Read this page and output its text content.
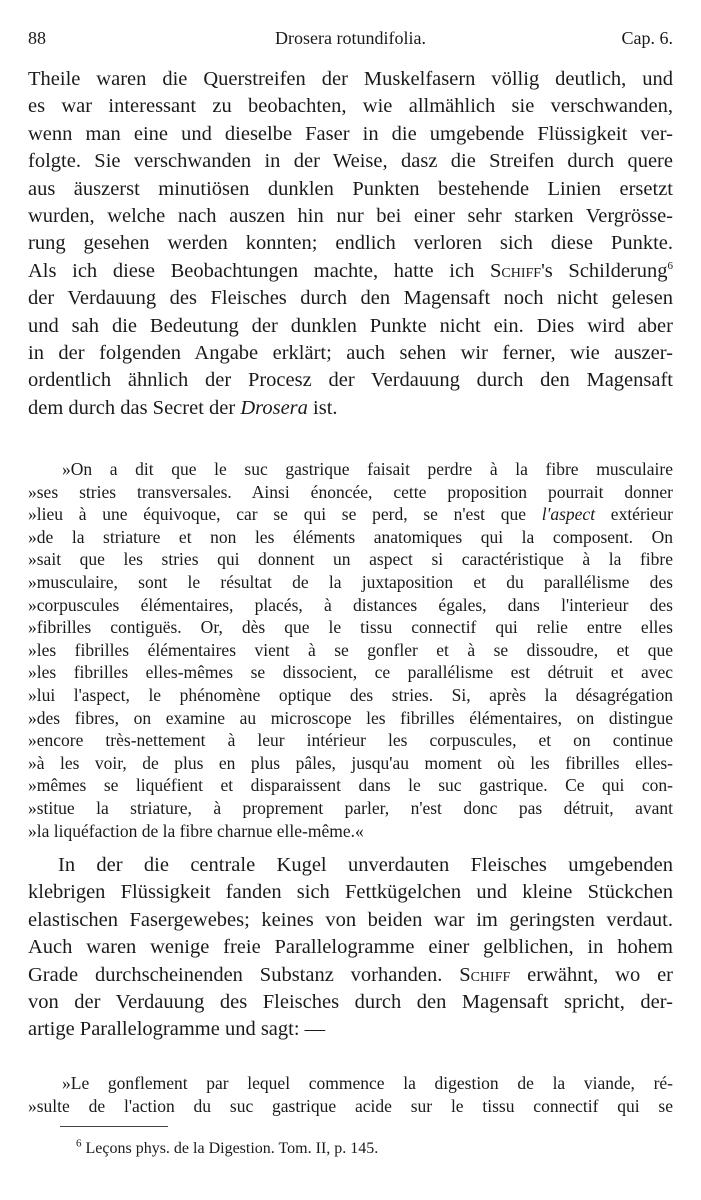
88	Drosera rotundifolia.	Cap. 6.
Theile waren die Querstreifen der Muskelfasern völlig deutlich, und
es war interessant zu beobachten, wie allmählich sie verschwanden,
wenn man eine und dieselbe Faser in die umgebende Flüssigkeit ver-
folgte. Sie verschwanden in der Weise, dasz die Streifen durch quere
aus äuszerst minutiösen dunklen Punkten bestehende Linien ersetzt
wurden, welche nach auszen hin nur bei einer sehr starken Vergrösse-
rung gesehen werden konnten; endlich verloren sich diese Punkte.
Als ich diese Beobachtungen machte, hatte ich Schiff's Schilderung$^6$
der Verdauung des Fleisches durch den Magensaft noch nicht gelesen
und sah die Bedeutung der dunklen Punkte nicht ein. Dies wird aber
in der folgenden Angabe erklärt; auch sehen wir ferner, wie auszer-
ordentlich ähnlich der Procesz der Verdauung durch den Magensaft
dem durch das Secret der Drosera ist.
»On a dit que le suc gastrique faisait perdre à la fibre musculaire
»ses stries transversales. Ainsi énoncée, cette proposition pourrait donner
»lieu à une équivoque, car se qui se perd, se n'est que l'aspect extérieur
»de la striature et non les éléments anatomiques qui la composent. On
»sait que les stries qui donnent un aspect si caractéristique à la fibre
»musculaire, sont le résultat de la juxtaposition et du parallélisme des
»corpuscules élémentaires, placés, à distances égales, dans l'interieur des
»fibrilles contiguës. Or, dès que le tissu connectif qui relie entre elles
»les fibrilles élémentaires vient à se gonfler et à se dissoudre, et que
»les fibrilles elles-mêmes se dissocient, ce parallélisme est détruit et avec
»lui l'aspect, le phénomène optique des stries. Si, après la désagrégation
»des fibres, on examine au microscope les fibrilles élémentaires, on distingue
»encore très-nettement à leur intérieur les corpuscules, et on continue
»à les voir, de plus en plus pâles, jusqu'au moment où les fibrilles elles-
»mêmes se liquéfient et disparaissent dans le suc gastrique. Ce qui con-
»stitue la striature, à proprement parler, n'est donc pas détruit, avant
»la liquéfaction de la fibre charnue elle-même.«
In der die centrale Kugel unverdauten Fleisches umgebenden
klebrigen Flüssigkeit fanden sich Fettkügelchen und kleine Stückchen
elastischen Fasergewebes; keines von beiden war im geringsten verdaut.
Auch waren wenige freie Parallelogramme einer gelblichen, in hohem
Grade durchscheinenden Substanz vorhanden. Schiff erwähnt, wo er
von der Verdauung des Fleisches durch den Magensaft spricht, der-
artige Parallelogramme und sagt: —
»Le gonflement par lequel commence la digestion de la viande, ré-
»sulte de l'action du suc gastrique acide sur le tissu connectif qui se
$^6$ Leçons phys. de la Digestion. Tom. II, p. 145.
